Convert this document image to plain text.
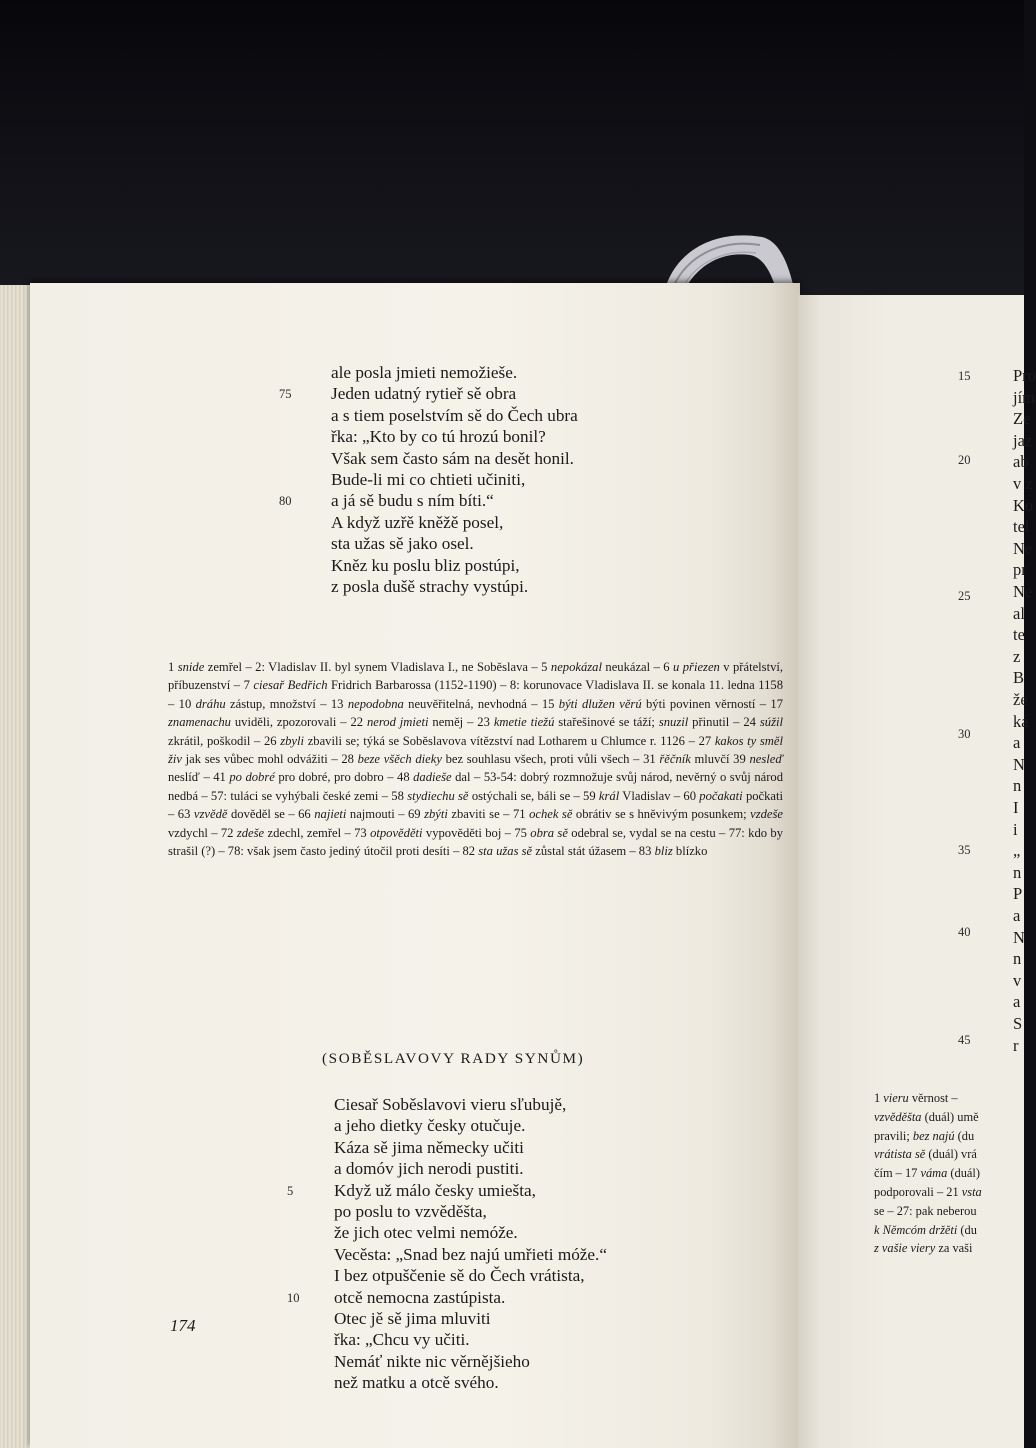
1 snide zemřel – 2: Vladislav II. byl synem Vladislava I., ne Soběslava – 5 nepokázal neukázal – 6 u přiezen v přátelství, příbuzenství – 7 ciesař Bedřich Fridrich Barbarossa (1152-1190) – 8: korunovace Vladislava II. se konala 11. ledna 1158 – 10 dráhu zástup, množství – 13 nepodobna neuvěřitelná, nevhodná – 15 býti dlužen věrú býti povinen věrností – 17 znamenachu uviděli, zpozorovali – 22 nerod jmieti neměj – 23 kmetie tiežú stařešinové se táží; snuzil přinutil – 24 súžil zkrátil, poškodil – 26 zbyli zbavili se; týká se Soběslavova vítězství nad Lotharem u Chlumce r. 1126 – 27 kakos ty směl živ jak ses vůbec mohl odvážiti – 28 beze všěch dieky bez souhlasu všech, proti vůli všech – 31 řěčník mluvčí 39 nesleď neslíď – 41 po dobré pro dobré, pro dobro – 48 dadieše dal – 53-54: dobrý rozmnožuje svůj národ, nevěrný o svůj národ nedbá – 57: tuláci se vyhýbali české zemi – 58 stydiechu sě ostýchali se, báli se – 59 král Vladislav – 60 počakati počkati – 63 vzvědě dověděl se – 66 najieti najmouti – 69 zbýti zbaviti se – 71 ochek sě obrátiv se s hněvivým posunkem; vzdeše vzdychl – 72 zdeše zdechl, zemřel – 73 otpověděti vypověděti boj – 75 obra sě odebral se, vydal se na cestu – 77: kdo by strašil (?) – 78: však jsem často jediný útočil proti desíti – 82 sta užas sě zůstal stát úžasem – 83 bliz blízko

(SOBĚSLAVOVY RADY SYNŮM)
174
ale posla jmieti nemožieše.
Jeden udatný rytieř sě obra
75
a s tiem poselstvím sě do Čech ubra
řka: „Kto by co tú hrozú bonil?
Však sem často sám na desět honil.
Bude-li mi co chtieti učiniti,
a já sě budu s ním bíti.“
80
A když uzřě kněžě posel,
sta užas sě jako osel.
Kněz ku poslu bliz postúpi,
z posla dušě strachy vystúpi.
Ciesař Soběslavovi vieru sľubujě,
a jeho dietky česky otučuje.
Káza sě jima německy učiti
a domóv jich nerodi pustiti.
Když už málo česky umiešta,
5
po poslu to vzvěděšta,
že jich otec velmi nemóže.
Vecěsta: „Snad bez najú umřieti móže.“
I bez otpuščenie sě do Čech vrátista,
otcě nemocna zastúpista.
10
Otec jě sě jima mluviti
řka: „Chcu vy učiti.
Nemáť nikte nic věrnějšieho
než matku a otcě svého.
15
20
25
30
35
40
45
Pro
jím
Ze
jaz
ab
v z
Ko
tel
Ne
pr
Ne
al
te
z
B
že
ká
a
N
n
I
i
„
n
P
a
N
n
v
a
S
r
1 vieru věrnost –
vzvěděšta (duál) umě
pravili; bez najú (du
vrátista sě (duál) vrá
čím – 17 váma (duál)
podporovali – 21 vsta
se – 27: pak neberou
k Němcóm držěti (du
z vašie viery za vaši
